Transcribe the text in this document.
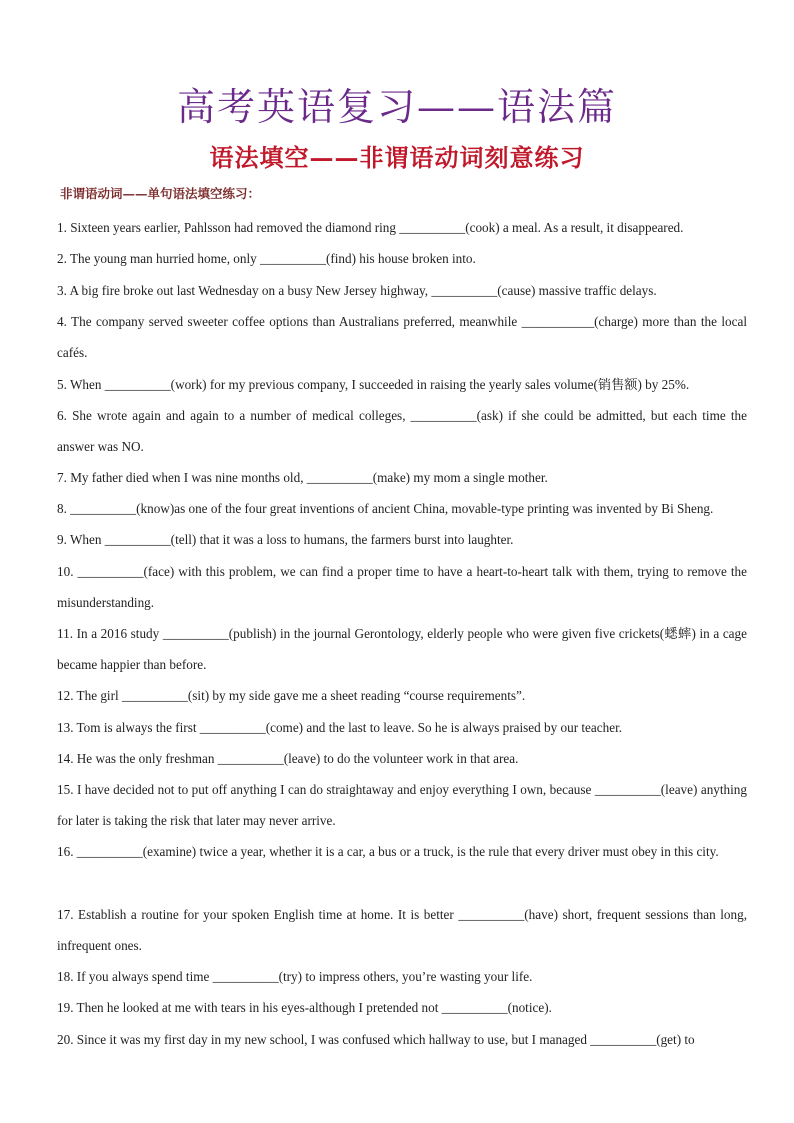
高考英语复习——语法篇
语法填空——非谓语动词刻意练习
非谓语动词——单句语法填空练习：
1. Sixteen years earlier, Pahlsson had removed the diamond ring __________(cook) a meal. As a result, it disappeared.
2. The young man hurried home, only __________(find) his house broken into.
3. A big fire broke out last Wednesday on a busy New Jersey highway, __________(cause) massive traffic delays.
4. The company served sweeter coffee options than Australians preferred, meanwhile ___________(charge) more than the local cafés.
5. When __________(work) for my previous company, I succeeded in raising the yearly sales volume(销售额) by 25%.
6. She wrote again and again to a number of medical colleges, __________(ask) if she could be admitted, but each time the answer was NO.
7. My father died when I was nine months old, __________(make) my mom a single mother.
8. __________(know)as one of the four great inventions of ancient China, movable-type printing was invented by Bi Sheng.
9. When __________(tell) that it was a loss to humans, the farmers burst into laughter.
10. __________(face) with this problem, we can find a proper time to have a heart-to-heart talk with them, trying to remove the misunderstanding.
11. In a 2016 study __________(publish) in the journal Gerontology, elderly people who were given five crickets(蟋蟀) in a cage became happier than before.
12. The girl __________(sit) by my side gave me a sheet reading “course requirements”.
13. Tom is always the first __________(come) and the last to leave. So he is always praised by our teacher.
14. He was the only freshman __________(leave) to do the volunteer work in that area.
15. I have decided not to put off anything I can do straightaway and enjoy everything I own, because __________(leave) anything for later is taking the risk that later may never arrive.
16. __________(examine) twice a year, whether it is a car, a bus or a truck, is the rule that every driver must obey in this city.
17. Establish a routine for your spoken English time at home. It is better __________(have) short, frequent sessions than long, infrequent ones.
18. If you always spend time __________(try) to impress others, you’re wasting your life.
19. Then he looked at me with tears in his eyes-although I pretended not __________(notice).
20. Since it was my first day in my new school, I was confused which hallway to use, but I managed __________(get) to
